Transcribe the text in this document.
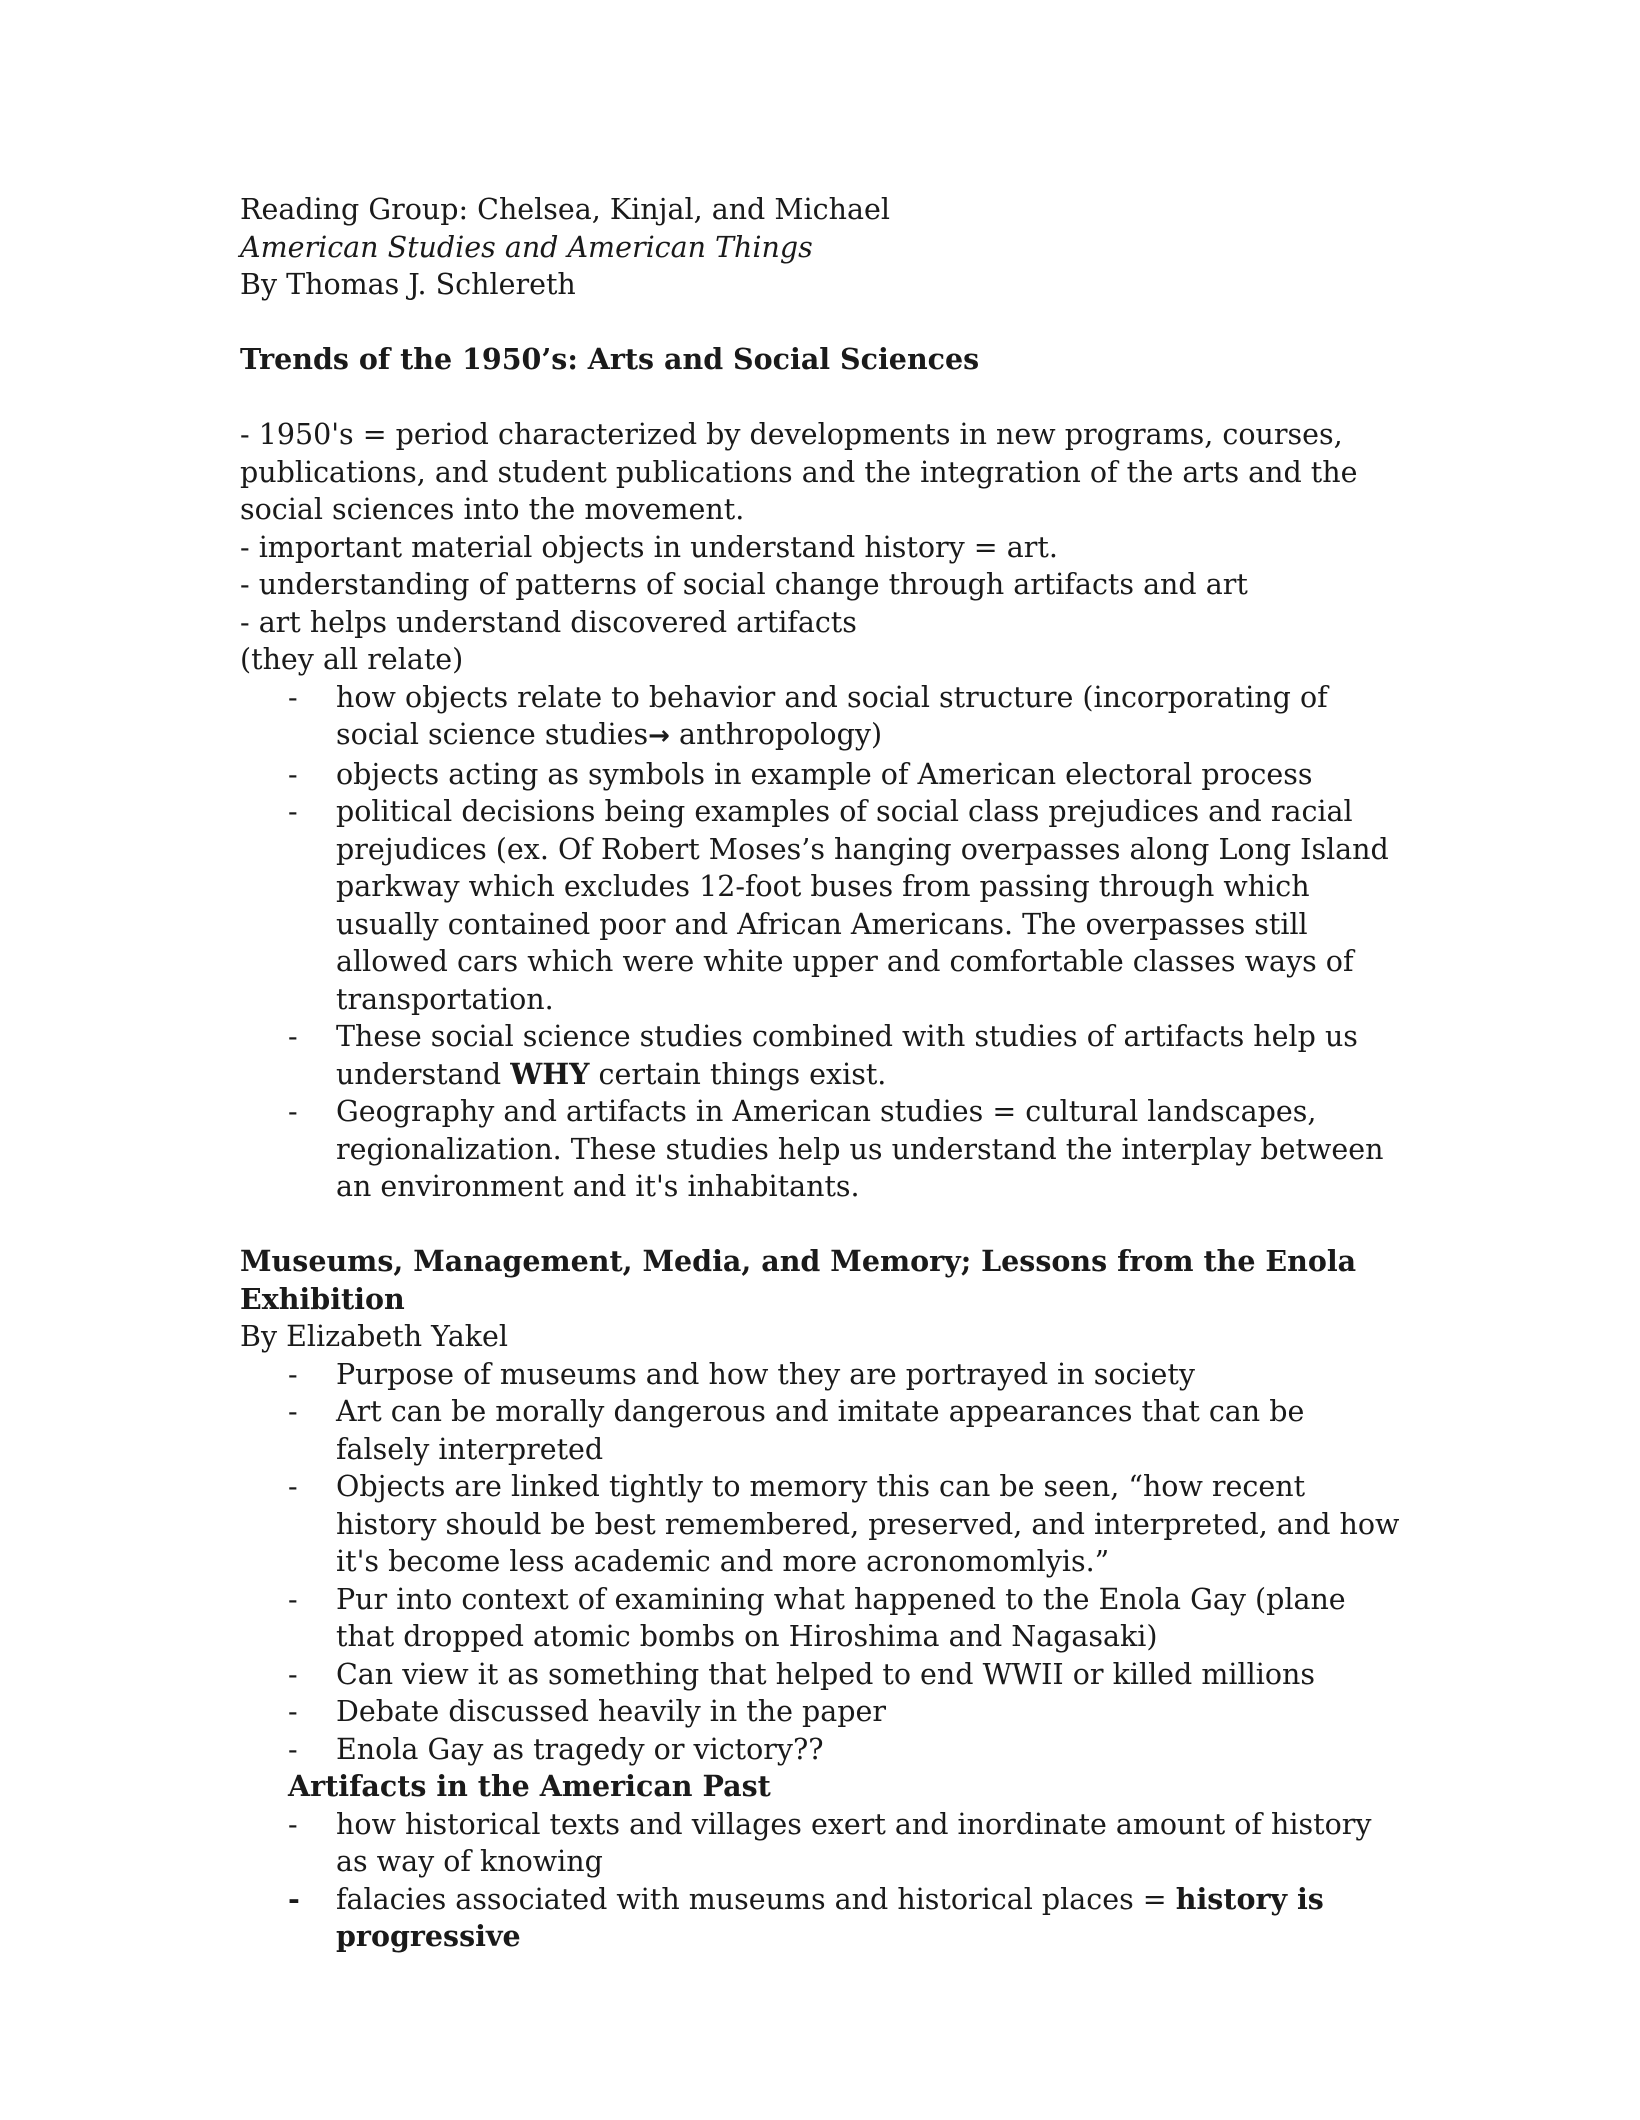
Reading Group: Chelsea, Kinjal, and Michael

American Studies and American Things

By Thomas J. Schlereth

Trends of the 1950’s: Arts and Social Sciences

- 1950's = period characterized by developments in new programs, courses, publications, and student publications and the integration of the arts and the social sciences into the movement.

- important material objects in understand history = art.

- understanding of patterns of social change through artifacts and art

- art helps understand discovered artifacts

(they all relate)

- how objects relate to behavior and social structure (incorporating of social science studies→ anthropology)
- objects acting as symbols in example of American electoral process
- political decisions being examples of social class prejudices and racial prejudices (ex. Of Robert Moses’s hanging overpasses along Long Island parkway which excludes 12-foot buses from passing through which usually contained poor and African Americans. The overpasses still allowed cars which were white upper and comfortable classes ways of transportation.
- These social science studies combined with studies of artifacts help us understand WHY certain things exist.
- Geography and artifacts in American studies = cultural landscapes, regionalization. These studies help us understand the interplay between an environment and it's inhabitants.

Museums, Management, Media, and Memory; Lessons from the Enola Exhibition

By Elizabeth Yakel

- Purpose of museums and how they are portrayed in society
- Art can be morally dangerous and imitate appearances that can be falsely interpreted
- Objects are linked tightly to memory this can be seen, “how recent history should be best remembered, preserved, and interpreted, and how it's become less academic and more acronomomlyis.”
- Pur into context of examining what happened to the Enola Gay (plane that dropped atomic bombs on Hiroshima and Nagasaki)
- Can view it as something that helped to end WWII or killed millions
- Debate discussed heavily in the paper
- Enola Gay as tragedy or victory??

Artifacts in the American Past

- how historical texts and villages exert and inordinate amount of history as way of knowing
- falacies associated with museums and historical places = history is progressive
